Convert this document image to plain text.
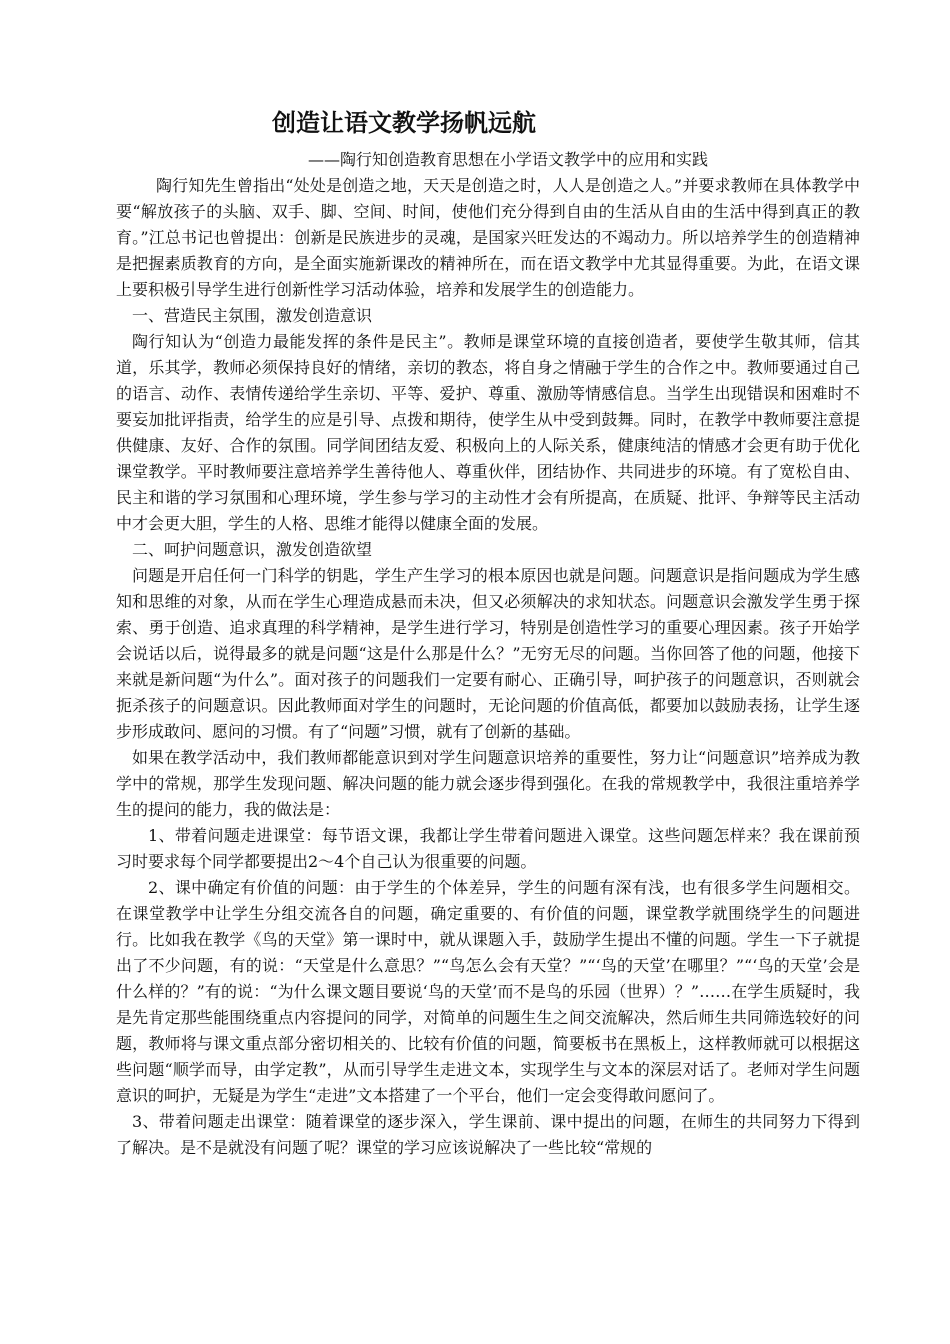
创造让语文教学扬帆远航

——陶行知创造教育思想在小学语文教学中的应用和实践

陶行知先生曾指出“处处是创造之地，天天是创造之时，人人是创造之人。”并要求教师在具体教学中要“解放孩子的头脑、双手、脚、空间、时间，使他们充分得到自由的生活从自由的生活中得到真正的教育。”江总书记也曾提出：创新是民族进步的灵魂，是国家兴旺发达的不竭动力。所以培养学生的创造精神是把握素质教育的方向，是全面实施新课改的精神所在，而在语文教学中尤其显得重要。为此，在语文课上要积极引导学生进行创新性学习活动体验，培养和发展学生的创造能力。

一、营造民主氛围，激发创造意识

陶行知认为“创造力最能发挥的条件是民主”。教师是课堂环境的直接创造者，要使学生敬其师，信其道，乐其学，教师必须保持良好的情绪，亲切的教态，将自身之情融于学生的合作之中。教师要通过自己的语言、动作、表情传递给学生亲切、平等、爱护、尊重、激励等情感信息。当学生出现错误和困难时不要妄加批评指责，给学生的应是引导、点拨和期待，使学生从中受到鼓舞。同时，在教学中教师要注意提供健康、友好、合作的氛围。同学间团结友爱、积极向上的人际关系，健康纯洁的情感才会更有助于优化课堂教学。平时教师要注意培养学生善待他人、尊重伙伴，团结协作、共同进步的环境。有了宽松自由、民主和谐的学习氛围和心理环境，学生参与学习的主动性才会有所提高，在质疑、批评、争辩等民主活动中才会更大胆，学生的人格、思维才能得以健康全面的发展。

二、呵护问题意识，激发创造欲望

问题是开启任何一门科学的钥匙，学生产生学习的根本原因也就是问题。问题意识是指问题成为学生感知和思维的对象，从而在学生心理造成悬而未决，但又必须解决的求知状态。问题意识会激发学生勇于探索、勇于创造、追求真理的科学精神，是学生进行学习，特别是创造性学习的重要心理因素。孩子开始学会说话以后，说得最多的就是问题“这是什么那是什么？”无穷无尽的问题。当你回答了他的问题，他接下来就是新问题“为什么”。面对孩子的问题我们一定要有耐心、正确引导，呵护孩子的问题意识，否则就会扼杀孩子的问题意识。因此教师面对学生的问题时，无论问题的价值高低，都要加以鼓励表扬，让学生逐步形成敢问、愿问的习惯。有了“问题”习惯，就有了创新的基础。

如果在教学活动中，我们教师都能意识到对学生问题意识培养的重要性，努力让“问题意识”培养成为教学中的常规，那学生发现问题、解决问题的能力就会逐步得到强化。在我的常规教学中，我很注重培养学生的提问的能力，我的做法是：

1、带着问题走进课堂：每节语文课，我都让学生带着问题进入课堂。这些问题怎样来？我在课前预习时要求每个同学都要提出2～4个自己认为很重要的问题。

2、课中确定有价值的问题：由于学生的个体差异，学生的问题有深有浅，也有很多学生问题相交。在课堂教学中让学生分组交流各自的问题，确定重要的、有价值的问题，课堂教学就围绕学生的问题进行。比如我在教学《鸟的天堂》第一课时中，就从课题入手，鼓励学生提出不懂的问题。学生一下子就提出了不少问题，有的说：“天堂是什么意思？”“鸟怎么会有天堂？”“‘鸟的天堂’在哪里？”“‘鸟的天堂’会是什么样的？”有的说：“为什么课文题目要说‘鸟的天堂’而不是鸟的乐园（世界）？”……在学生质疑时，我是先肯定那些能围绕重点内容提问的同学，对简单的问题生生之间交流解决，然后师生共同筛选较好的问题，教师将与课文重点部分密切相关的、比较有价值的问题，简要板书在黑板上，这样教师就可以根据这些问题“顺学而导，由学定教”，从而引导学生走进文本，实现学生与文本的深层对话了。老师对学生问题意识的呵护，无疑是为学生“走进”文本搭建了一个平台，他们一定会变得敢问愿问了。

3、带着问题走出课堂：随着课堂的逐步深入，学生课前、课中提出的问题，在师生的共同努力下得到了解决。是不是就没有问题了呢？课堂的学习应该说解决了一些比较“常规的
